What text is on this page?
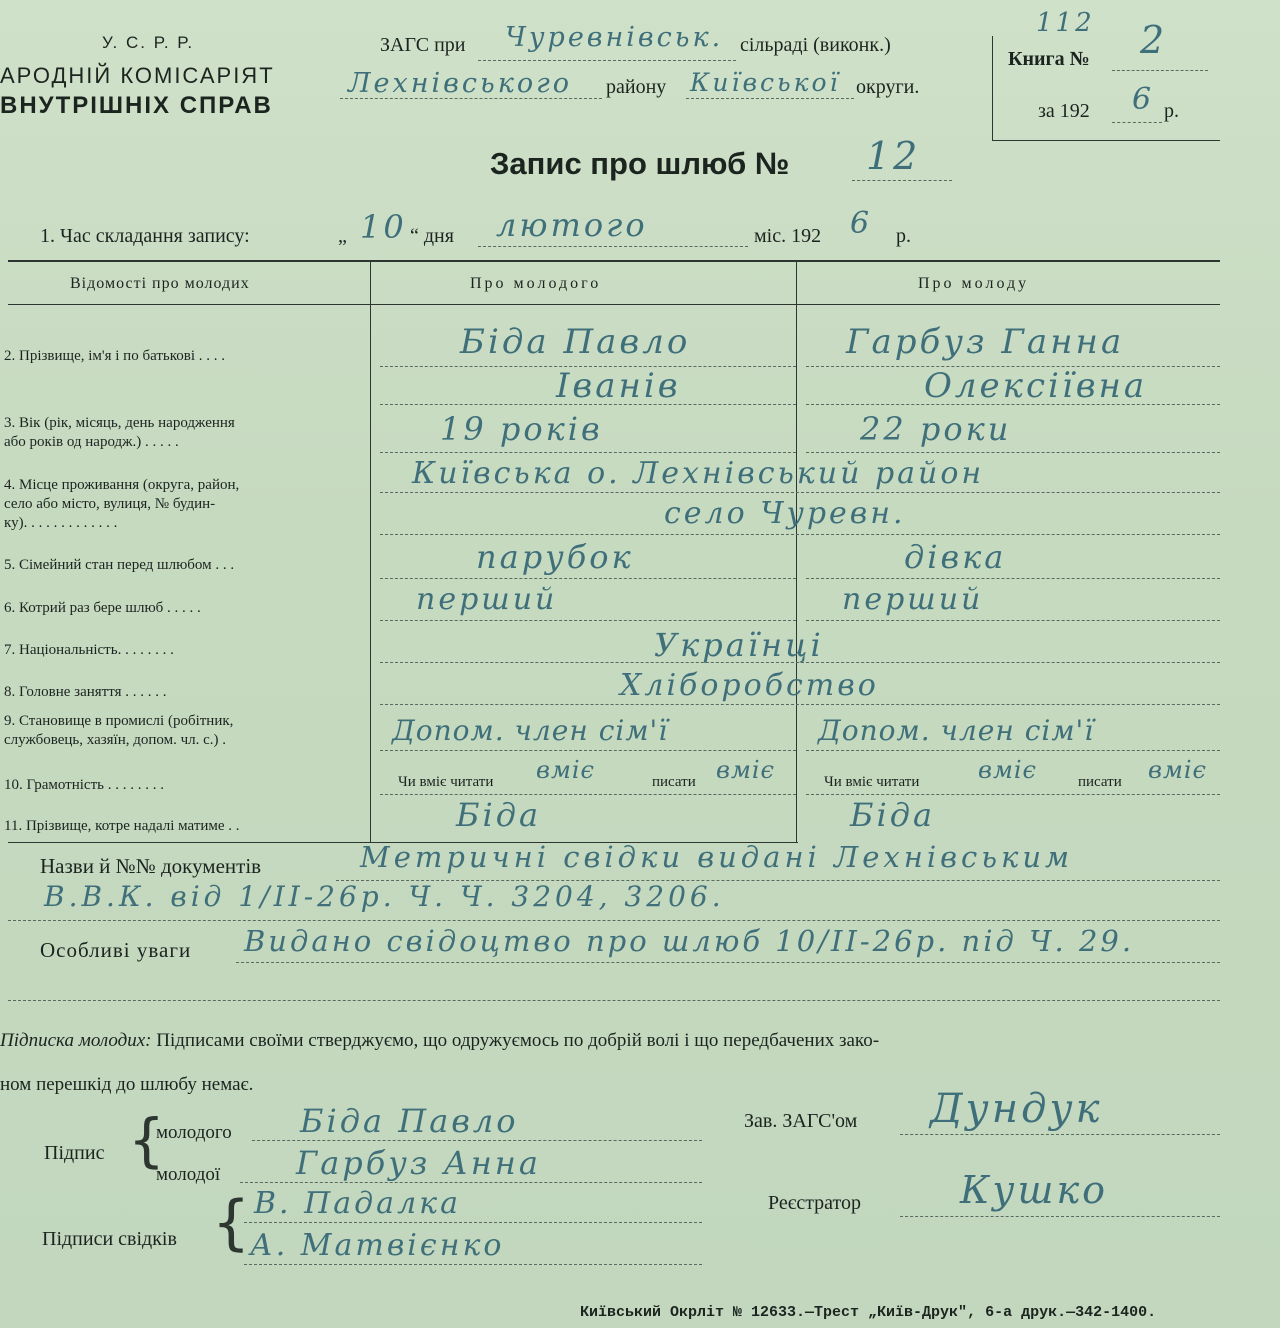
У. С. Р. Р.
АРОДНІЙ КОМІСАРІЯТ
ВНУТРІШНІХ СПРАВ
ЗАГС при Чуревнівськ. сільраді (виконк.)
Лехнівського району Київської округи.
112
Книга № 2
за 192 6 р.
Запис про шлюб № 12
1. Час складання запису:	„ 10 “ дня лютого	міс. 192 6 р.
Відомості про молодих	Про молодого	Про молоду
2. Прізвище, ім'я і по батькові . . . .	Біда Павло	Гарбуз Ганна
Іванів	Олексіївна
3. Вік (рік, місяць, день народження
або років од народж.) . . . . .	19 років	22 роки
4. Місце проживання (округа, район,
село або місто, вулиця, № будин-
ку). . . . . . . . . . . . .
Київська о. Лехнівський район
село Чуревн.
5. Сімейний стан перед шлюбом . . .	парубок	дівка
6. Котрий раз бере шлюб . . . . .	перший	перший
7. Національність. . . . . . . .	Українці
8. Головне заняття . . . . . .	Хліборобство
9. Становище в промислі (робітник,
службовець, хазяїн, допом. чл. с.) .	Допом. член сім'ї	Допом. член сім'ї
10. Грамотність . . . . . . . .	Чи вміє читати вміє	писати вміє	Чи вміє читати вміє	писати вміє
11. Прізвище, котре надалі матиме . .	Біда	Біда
Назви й №№ документів	Метричні свідки видані Лехнівським
В.В.К. від 1/II-26р. Ч. Ч. 3204, 3206.
Особливі уваги Видано свідоцтво про шлюб 10/II-26р. під Ч. 29.
Підписка молодих: Підписами своїми стверджуємо, що одружуємось по добрій волі і що передбачених зако-
ном перешкід до шлюбу немає.
Підпис {
молодого Біда Павло
молодої Гарбуз Анна
Зав. ЗАГС'ом Дундук
Реєстратор	Кушко
Підписи свідків { В. Падалка
А. Матвієнко
Київський Окрліт № 12633.—Трест „Київ-Друк", 6-а друк.—342-1400.
